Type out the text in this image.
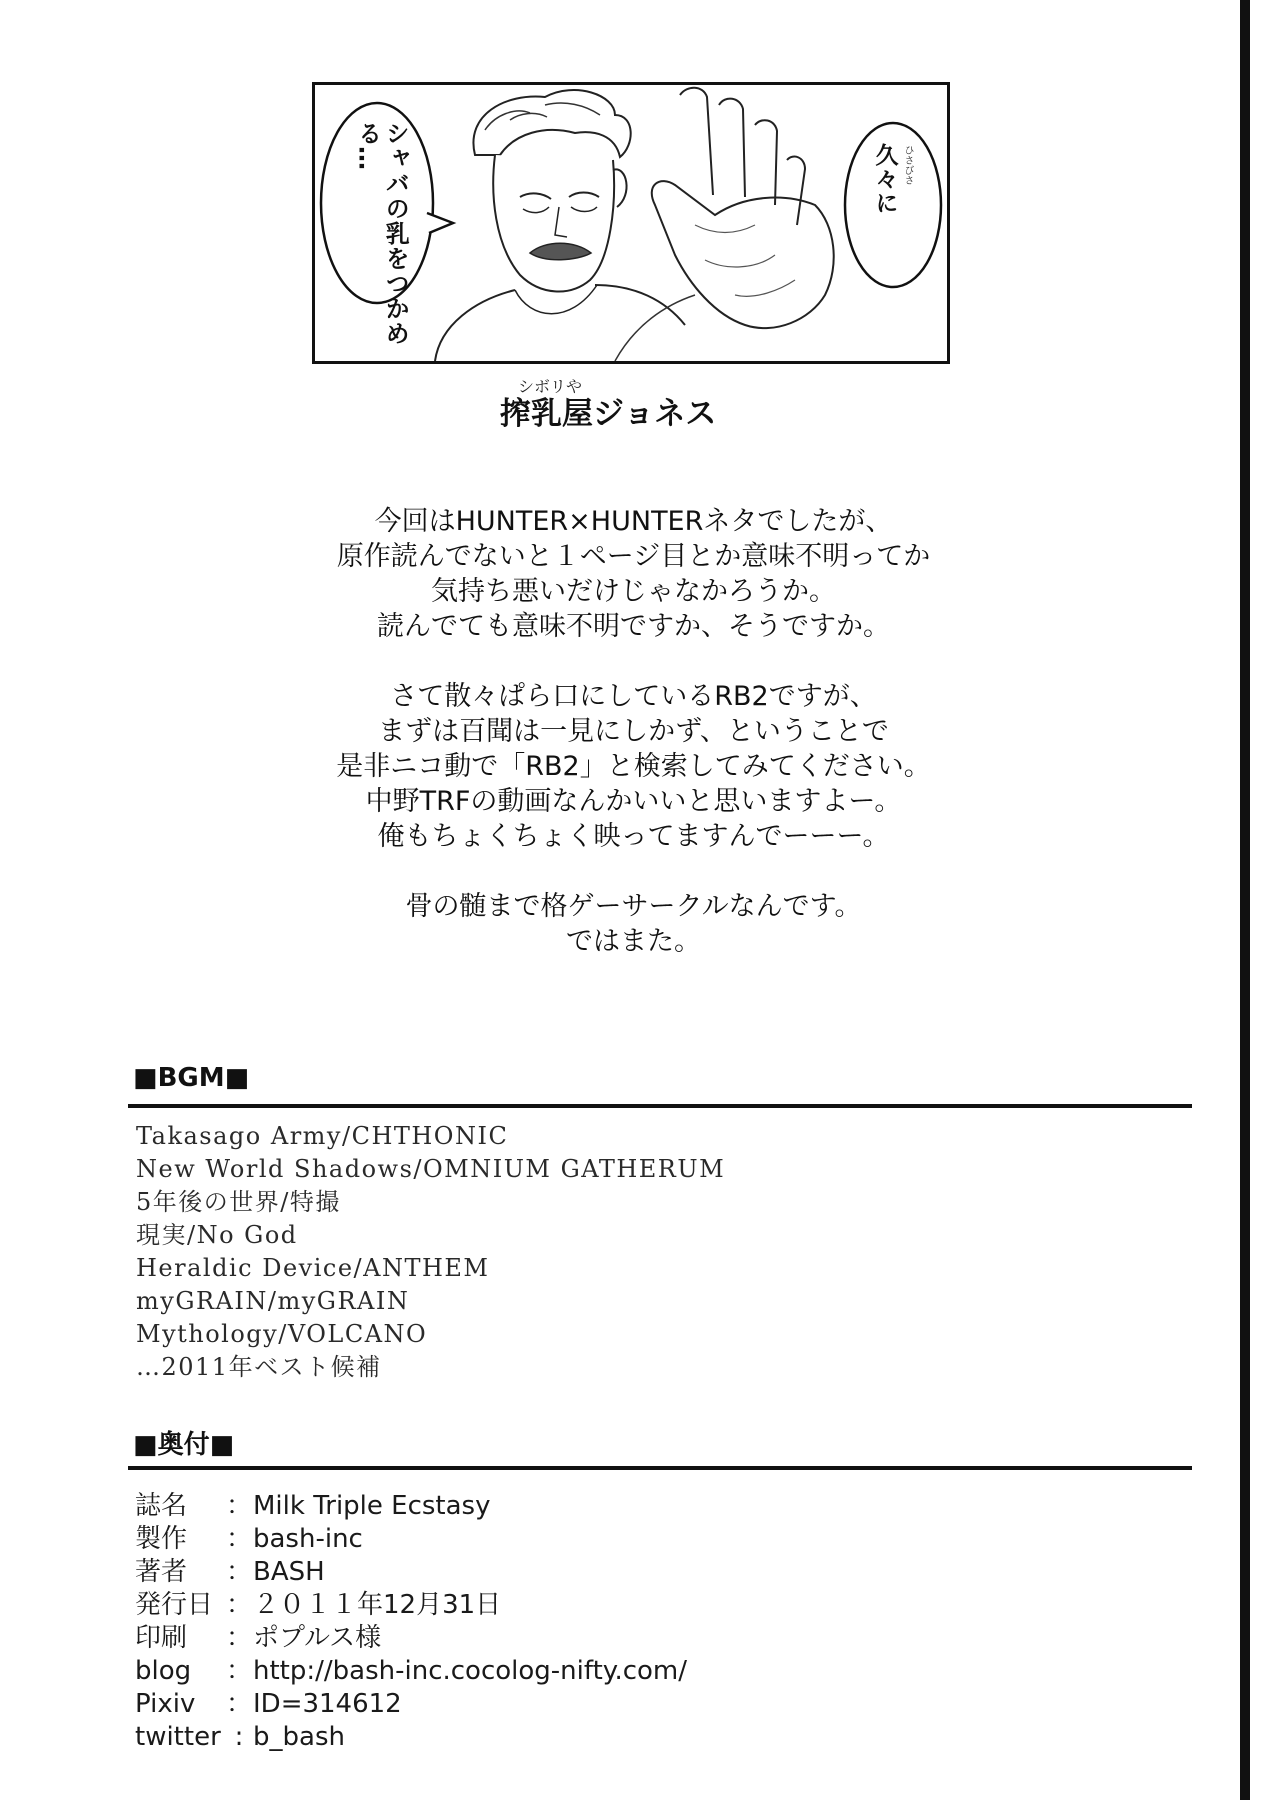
シャバの乳をつかめる…	ひさびさ
久々に
シボリや
搾乳屋ジョネス
今回はHUNTER×HUNTERネタでしたが、
原作読んでないと１ページ目とか意味不明ってか
気持ち悪いだけじゃなかろうか。
読んでても意味不明ですか、そうですか。
さて散々ぱら口にしているRB2ですが、
まずは百聞は一見にしかず、ということで
是非ニコ動で「RB2」と検索してみてください。
中野TRFの動画なんかいいと思いますよー。
俺もちょくちょく映ってますんでーーー。
骨の髄まで格ゲーサークルなんです。
ではまた。
■BGM■
Takasago Army/CHTHONIC
New World Shadows/OMNIUM GATHERUM
5年後の世界/特撮
現実/No God
Heraldic Device/ANTHEM
myGRAIN/myGRAIN
Mythology/VOLCANO
…2011年ベスト候補
■奥付■
誌名	： Milk Triple Ecstasy
製作	： bash-inc
著者	： BASH
発行日 ： ２０１１年12月31日
印刷	： ポプルス様
blog	： http://bash-inc.cocolog-nifty.com/
Pixiv	： ID=314612
twitter : b_bash
